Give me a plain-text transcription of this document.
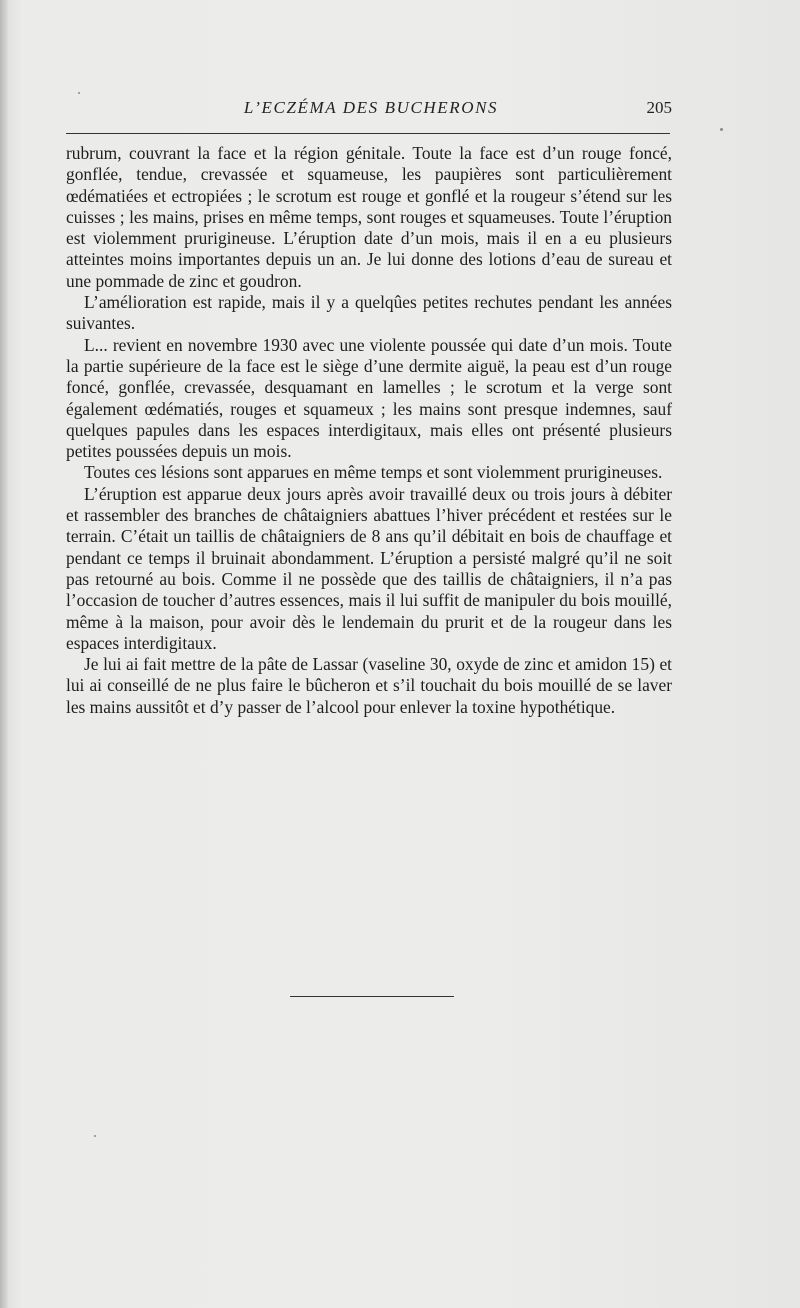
L’ECZÉMA DES BUCHERONS	205

rubrum, couvrant la face et la région génitale. Toute la face est d’un rouge foncé, gonflée, tendue, crevassée et squameuse, les paupières sont particulièrement œdématiées et ectropiées ; le scrotum est rouge et gonflé et la rougeur s’étend sur les cuisses ; les mains, prises en même temps, sont rouges et squameuses. Toute l’éruption est violemment prurigineuse. L’éruption date d’un mois, mais il en a eu plusieurs atteintes moins importantes depuis un an. Je lui donne des lotions d’eau de sureau et une pommade de zinc et goudron.

L’amélioration est rapide, mais il y a quelqûes petites rechutes pendant les années suivantes.

L... revient en novembre 1930 avec une violente poussée qui date d’un mois. Toute la partie supérieure de la face est le siège d’une dermite aiguë, la peau est d’un rouge foncé, gonflée, crevassée, desquamant en lamelles ; le scrotum et la verge sont également œdématiés, rouges et squameux ; les mains sont presque indemnes, sauf quelques papules dans les espaces interdigitaux, mais elles ont présenté plusieurs petites poussées depuis un mois.

Toutes ces lésions sont apparues en même temps et sont violemment prurigineuses.

L’éruption est apparue deux jours après avoir travaillé deux ou trois jours à débiter et rassembler des branches de châtaigniers abattues l’hiver précédent et restées sur le terrain. C’était un taillis de châtaigniers de 8 ans qu’il débitait en bois de chauffage et pendant ce temps il bruinait abondamment. L’éruption a persisté malgré qu’il ne soit pas retourné au bois. Comme il ne possède que des taillis de châtaigniers, il n’a pas l’occasion de toucher d’autres essences, mais il lui suffit de manipuler du bois mouillé, même à la maison, pour avoir dès le lendemain du prurit et de la rougeur dans les espaces interdigitaux.

Je lui ai fait mettre de la pâte de Lassar (vaseline 30, oxyde de zinc et amidon 15) et lui ai conseillé de ne plus faire le bûcheron et s’il touchait du bois mouillé de se laver les mains aussitôt et d’y passer de l’alcool pour enlever la toxine hypothétique.
